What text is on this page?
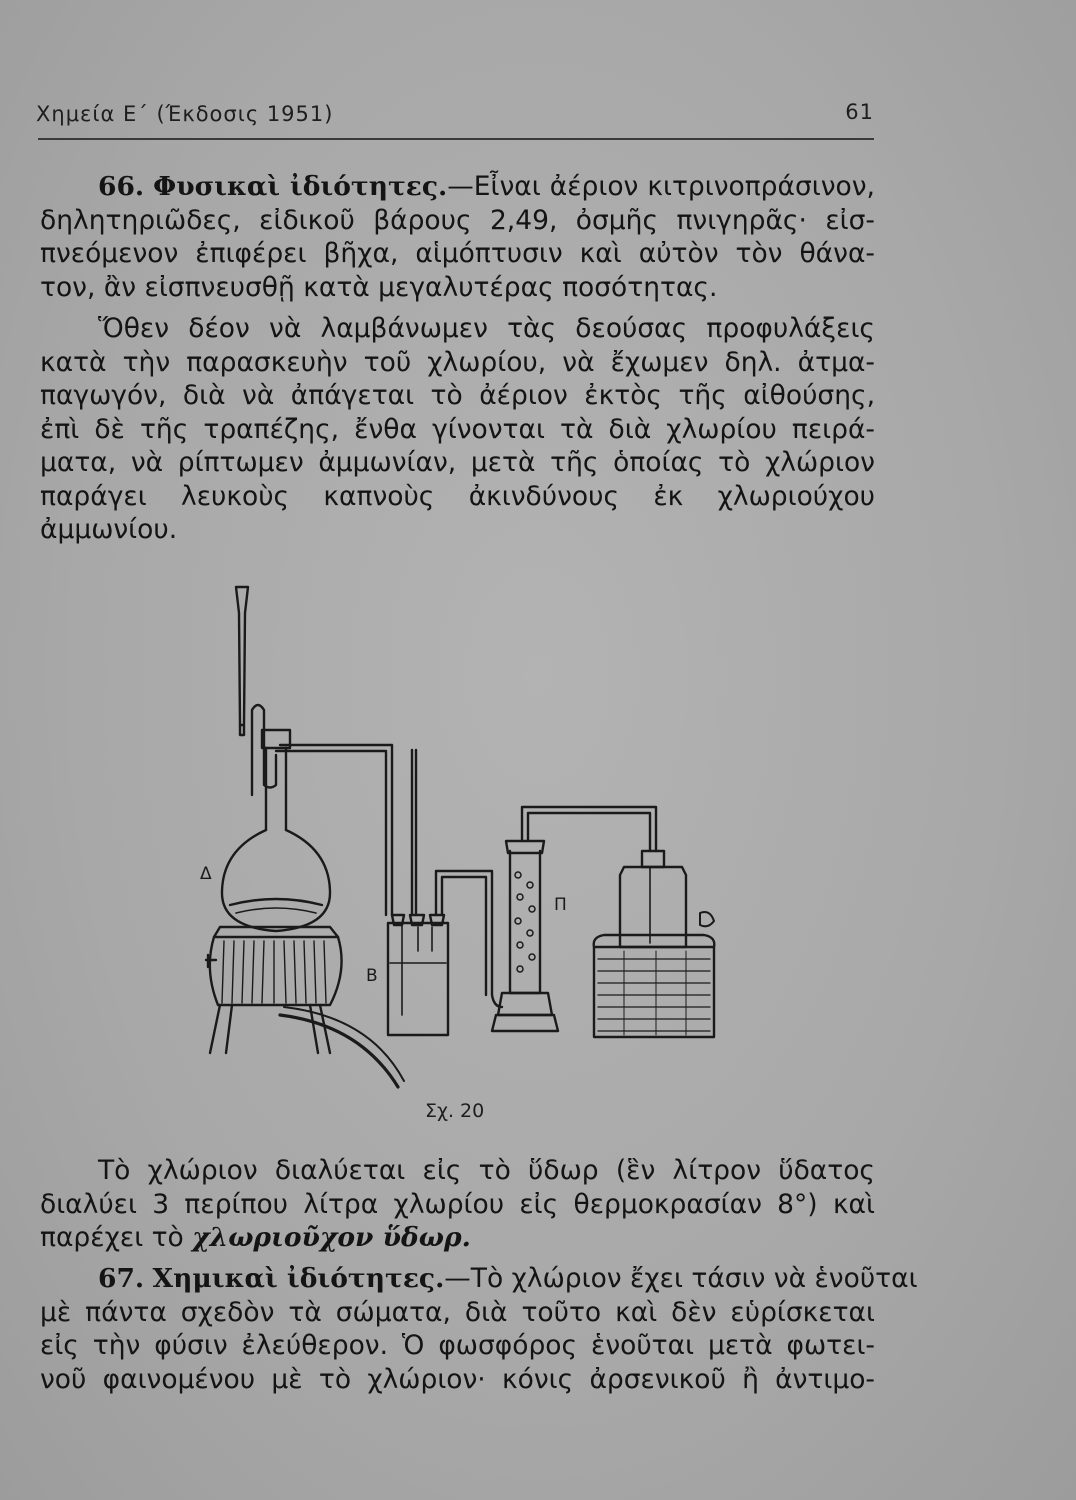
Χημεία Ε΄ (Έκδοσις 1951)	61
66. Φυσικαὶ ἰδιότητες.—Εἶναι ἀέριον κιτρινοπράσινον,
δηλητηριῶδες, εἰδικοῦ βάρους 2,49, ὀσμῆς πνιγηρᾶς· εἰσ-
πνεόμενον ἐπιφέρει βῆχα, αἱμόπτυσιν καὶ αὐτὸν τὸν θάνα-
τον, ἂν εἰσπνευσθῇ κατὰ μεγαλυτέρας ποσότητας.
Ὅθεν δέον νὰ λαμβάνωμεν τὰς δεούσας προφυλάξεις
κατὰ τὴν παρασκευὴν τοῦ χλωρίου, νὰ ἔχωμεν δηλ. ἀτμα-
παγωγόν, διὰ νὰ ἀπάγεται τὸ ἀέριον ἐκτὸς τῆς αἰθούσης,
ἐπὶ δὲ τῆς τραπέζης, ἔνθα γίνονται τὰ διὰ χλωρίου πειρά-
ματα, νὰ ρίπτωμεν ἀμμωνίαν, μετὰ τῆς ὁποίας τὸ χλώριον
παράγει λευκοὺς καπνοὺς ἀκινδύνους ἐκ χλωριούχου
ἀμμωνίου.
Δ
Β
Π
Σχ. 20
Τὸ χλώριον διαλύεται εἰς τὸ ὕδωρ (ἓν λίτρον ὕδατος
διαλύει 3 περίπου λίτρα χλωρίου εἰς θερμοκρασίαν 8°) καὶ
παρέχει τὸ χλωριοῦχον ὕδωρ.
67. Χημικαὶ ἰδιότητες.—Τὸ χλώριον ἔχει τάσιν νὰ ἑνοῦται
μὲ πάντα σχεδὸν τὰ σώματα, διὰ τοῦτο καὶ δὲν εὑρίσκεται
εἰς τὴν φύσιν ἐλεύθερον. Ὁ φωσφόρος ἑνοῦται μετὰ φωτει-
νοῦ φαινομένου μὲ τὸ χλώριον· κόνις ἀρσενικοῦ ἢ ἀντιμο-
